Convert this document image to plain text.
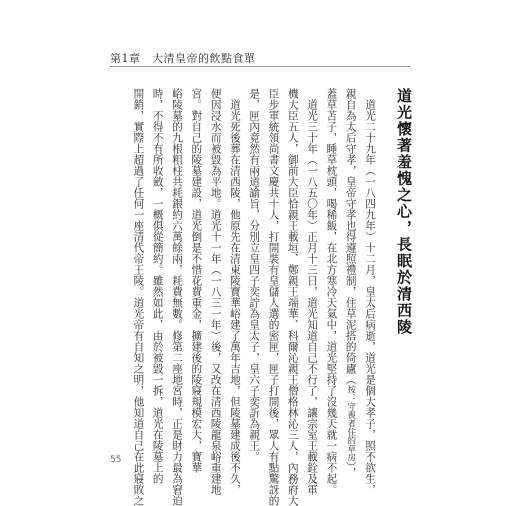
第1章　大清皇帝的飲點食單
道光懷著羞愧之心，長眠於清西陵
　道光二十九年（一八四九年）十二月，皇太后病逝，道光是個大孝子，照不欲生，
親自為太后守孝，皇帝守孝也得遵照禮制，住草泥搭的倚廬（按：守喪者住的草房），
蓋草苫子，睡草枕頭，喝稀飯，在北方寒冷天氣中，道光堅持了沒幾天就一病不起。
　道光三十年（一八五〇年）正月十三日，道光知道自己不行了，讓宗室王載銓及軍
機大臣五人，御前大臣恰親王載垣、鄭親王端華、科爾沁親王僧格林沁三人，內務府大
臣步軍統領尚書文慶共十人，打開裝有皇儲人選的密匣，匣子打開後，眾人有點驚訝的
是，匣內竟然有兩道諭旨，分別立皇四子奕詝為皇太子，皇六子奕訢為親王。
　道光死後葬在清西陵，他原先在清東陵寶華峪建了萬年吉地，但陵墓建成後不久，
便因浸水而被毀為平地。道光十一年（一八三一年）後，又改在清西陵龍泉峪重建地
宮。對自己的陵墓建設，道光倒是不惜花費重金，擴建後的陵寢規模宏大，寶華
峪陵墓的九根粗柱共耗銀約六萬餘兩，耗費無數。修第二座地宮時，正是財力最為窘迫
時，不得不有所收斂，一概俱從簡約。雖然如此，由於被毀一拆，道光在陵墓上的
開銷，實際上超過了任何一座清代帝王陵。道光帝有自知之明，他知道自己在此寢敗之
55
